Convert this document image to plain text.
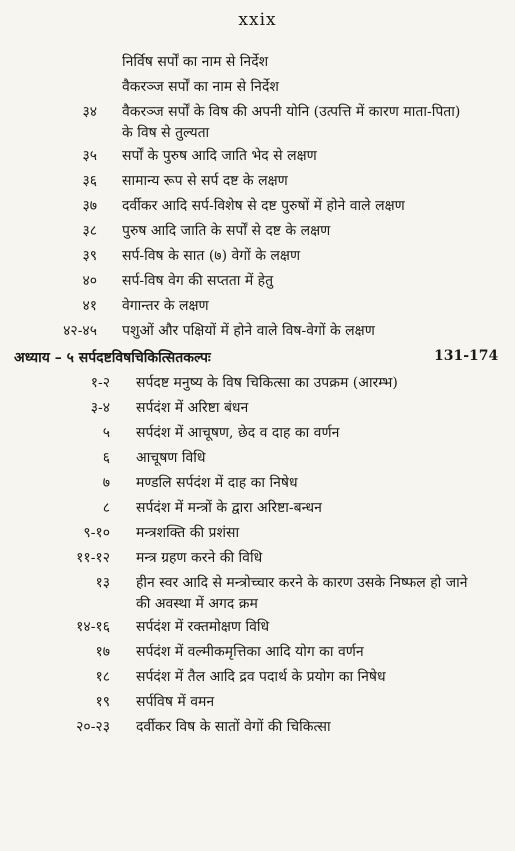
xxix
निर्विष सर्पों का नाम से निर्देश
वैकरञ्ज सर्पों का नाम से निर्देश
३४ वैकरञ्ज सर्पों के विष की अपनी योनि (उत्पत्ति में कारण माता-पिता)
के विष से तुल्यता
३५ सर्पों के पुरुष आदि जाति भेद से लक्षण
३६ सामान्य रूप से सर्प दष्ट के लक्षण
३७ दर्वीकर आदि सर्प-विशेष से दष्ट पुरुषों में होने वाले लक्षण
३८ पुरुष आदि जाति के सर्पों से दष्ट के लक्षण
३९ सर्प-विष के सात (७) वेगों के लक्षण
४० सर्प-विष वेग की सप्तता में हेतु
४१ वेगान्तर के लक्षण
४२-४५ पशुओं और पक्षियों में होने वाले विष-वेगों के लक्षण
अध्याय – ५ सर्पदष्टविषचिकित्सितकल्पः	131-174
१-२ सर्पदष्ट मनुष्य के विष चिकित्सा का उपक्रम (आरम्भ)
३-४ सर्पदंश में अरिष्टा बंधन
५ सर्पदंश में आचूषण, छेद व दाह का वर्णन
६ आचूषण विधि
७ मण्डलि सर्पदंश में दाह का निषेध
८ सर्पदंश में मन्त्रों के द्वारा अरिष्टा-बन्धन
९-१० मन्त्रशक्ति की प्रशंसा
११-१२ मन्त्र ग्रहण करने की विधि
१३ हीन स्वर आदि से मन्त्रोच्चार करने के कारण उसके निष्फल हो जाने
की अवस्था में अगद क्रम
१४-१६ सर्पदंश में रक्तमोक्षण विधि
१७ सर्पदंश में वल्मीकमृत्तिका आदि योग का वर्णन
१८ सर्पदंश में तैल आदि द्रव पदार्थ के प्रयोग का निषेध
१९ सर्पविष में वमन
२०-२३ दर्वीकर विष के सातों वेगों की चिकित्सा
